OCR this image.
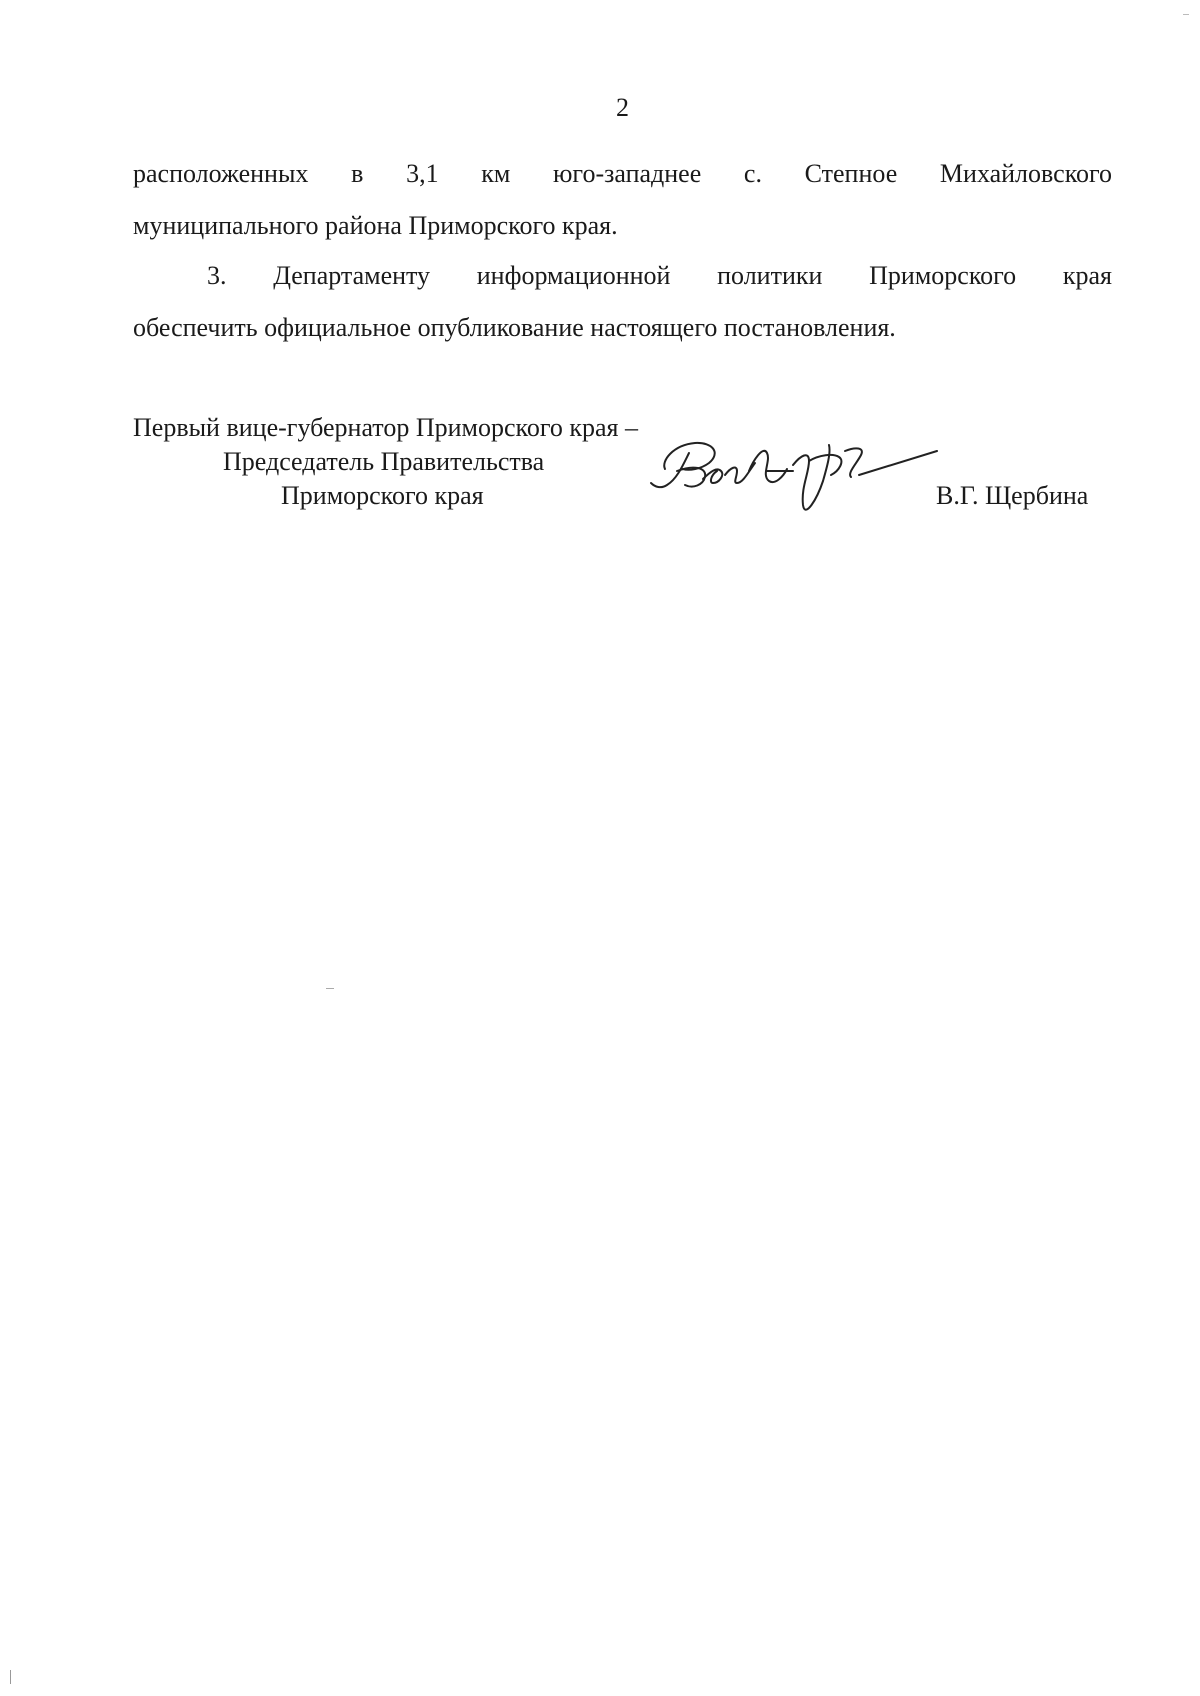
2
расположенных в 3,1 км юго-западнее с. Степное Михайловского
муниципального района Приморского края.
3. Департаменту информационной политики Приморского края
обеспечить официальное опубликование настоящего постановления.
Первый вице-губернатор Приморского края –
Председатель Правительства
Приморского края	В.Г. Щербина
